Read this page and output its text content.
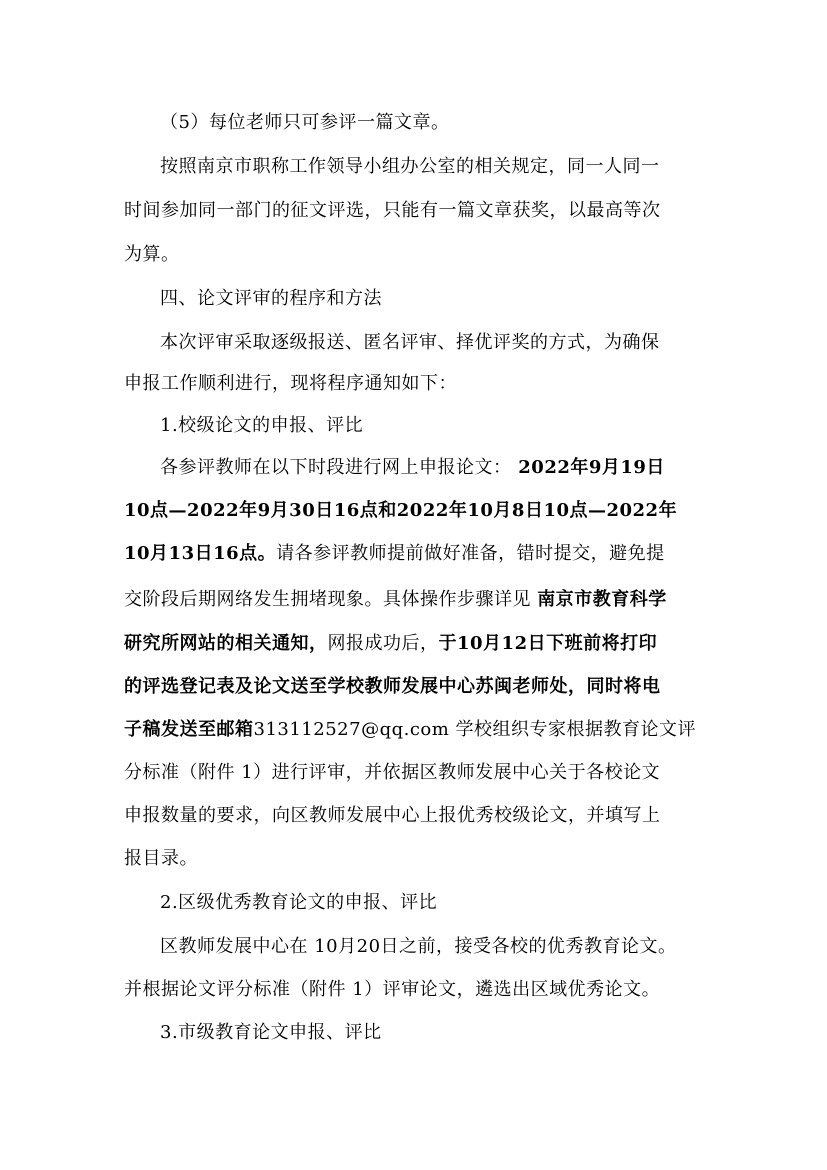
（5）每位老师只可参评一篇文章。
按照南京市职称工作领导小组办公室的相关规定，同一人同一
时间参加同一部门的征文评选，只能有一篇文章获奖，以最高等次
为算。
四、论文评审的程序和方法
本次评审采取逐级报送、匿名评审、择优评奖的方式，为确保
申报工作顺利进行，现将程序通知如下：
1.校级论文的申报、评比
各参评教师在以下时段进行网上申报论文： 2022年9月19日
10点—2022年9月30日16点和2022年10月8日10点—2022年
10月13日16点。请各参评教师提前做好准备，错时提交，避免提
交阶段后期网络发生拥堵现象。具体操作步骤详见 南京市教育科学
研究所网站的相关通知，网报成功后，于10月12日下班前将打印
的评选登记表及论文送至学校教师发展中心苏闽老师处，同时将电
子稿发送至邮箱313112527@qq.com 学校组织专家根据教育论文评
分标准（附件 1）进行评审，并依据区教师发展中心关于各校论文
申报数量的要求，向区教师发展中心上报优秀校级论文，并填写上
报目录。
2.区级优秀教育论文的申报、评比
区教师发展中心在 10月20日之前，接受各校的优秀教育论文。
并根据论文评分标准（附件 1）评审论文，遴选出区域优秀论文。
3.市级教育论文申报、评比
